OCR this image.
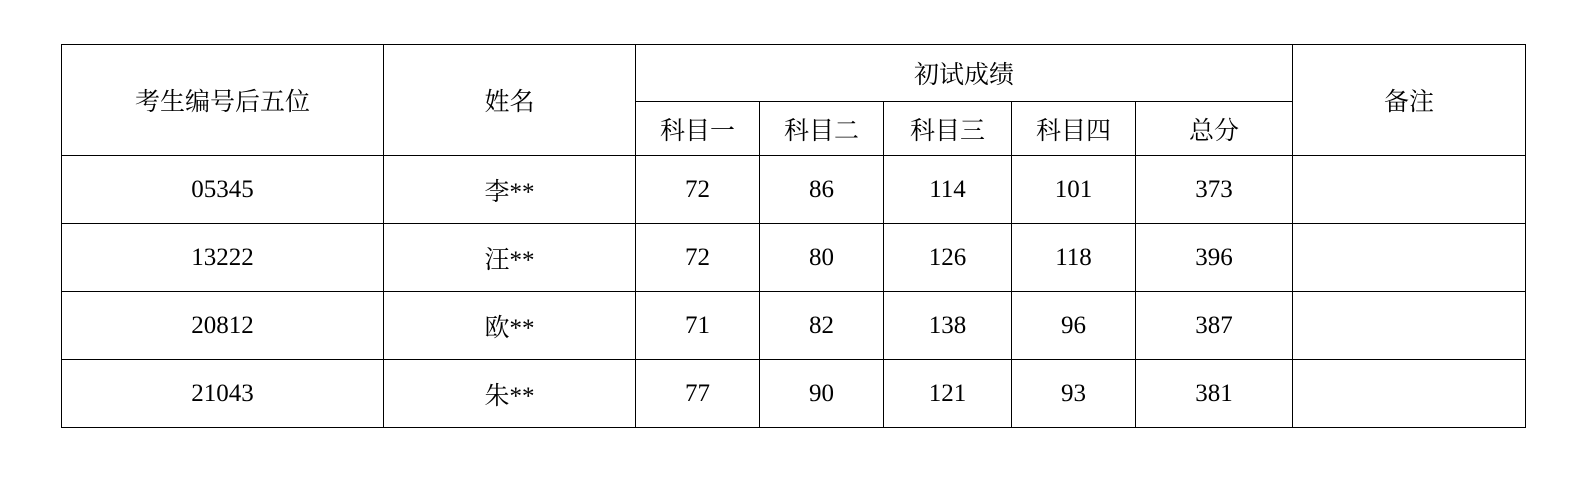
考生编号后五位	姓名	初试成绩					备注
		科目一	科目二	科目三	科目四	总分	
05345	李**	72	86	114	101	373	
13222	汪**	72	80	126	118	396	
20812	欧**	71	82	138	96	387	
21043	朱**	77	90	121	93	381	
